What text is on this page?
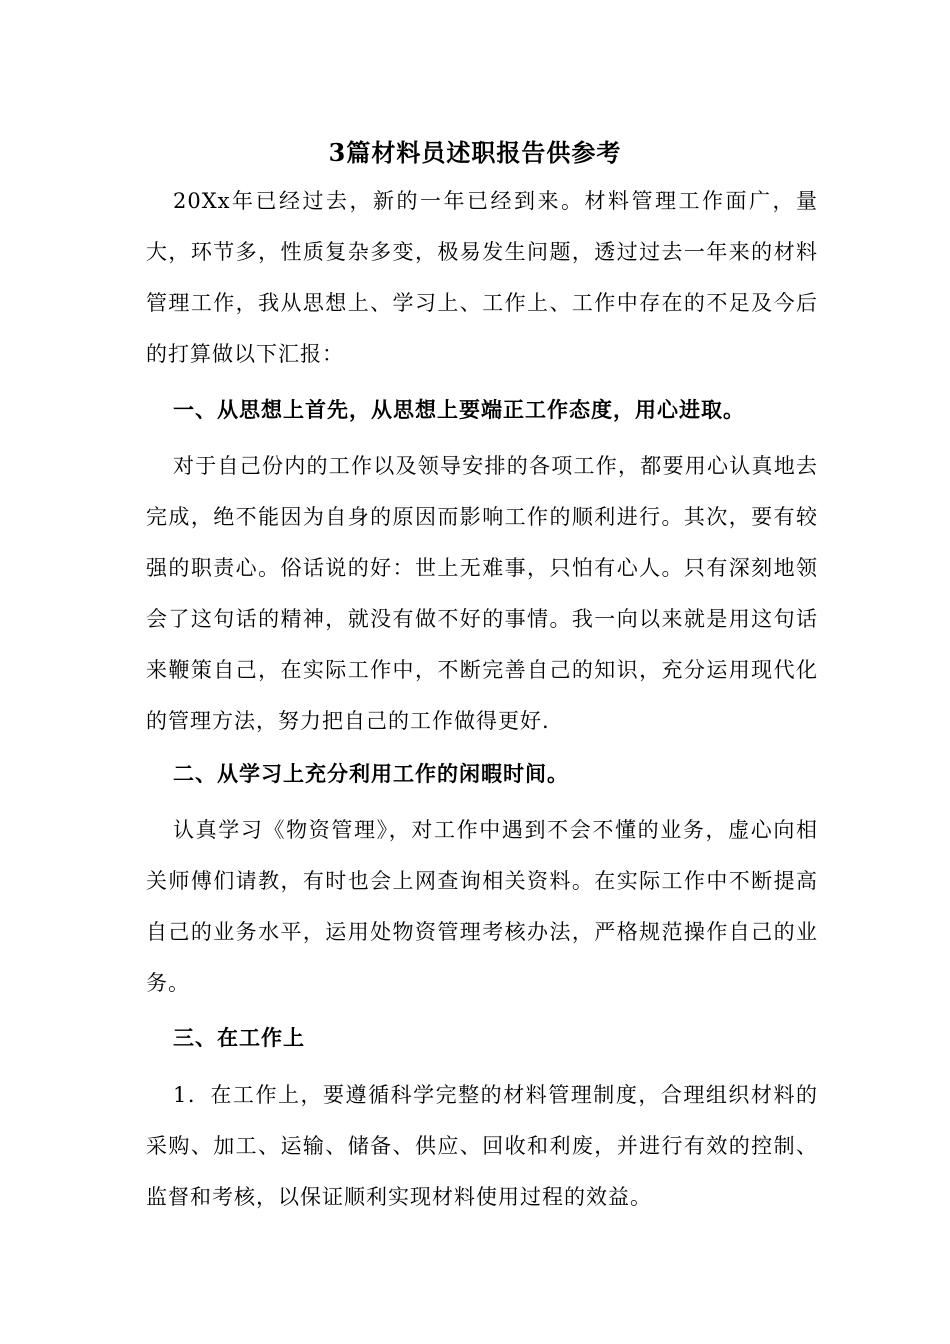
3篇材料员述职报告供参考

20Xx年已经过去，新的一年已经到来。材料管理工作面广，量大，环节多，性质复杂多变，极易发生问题，透过过去一年来的材料管理工作，我从思想上、学习上、工作上、工作中存在的不足及今后的打算做以下汇报：

一、从思想上首先，从思想上要端正工作态度，用心进取。

对于自己份内的工作以及领导安排的各项工作，都要用心认真地去完成，绝不能因为自身的原因而影响工作的顺利进行。其次，要有较强的职责心。俗话说的好：世上无难事，只怕有心人。只有深刻地领会了这句话的精神，就没有做不好的事情。我一向以来就是用这句话来鞭策自己，在实际工作中，不断完善自己的知识，充分运用现代化的管理方法，努力把自己的工作做得更好.

二、从学习上充分利用工作的闲暇时间。

认真学习《物资管理》，对工作中遇到不会不懂的业务，虚心向相关师傅们请教，有时也会上网查询相关资料。在实际工作中不断提高自己的业务水平，运用处物资管理考核办法，严格规范操作自己的业务。

三、在工作上

1．在工作上，要遵循科学完整的材料管理制度，合理组织材料的采购、加工、运输、储备、供应、回收和利废，并进行有效的控制、监督和考核，以保证顺利实现材料使用过程的效益。
